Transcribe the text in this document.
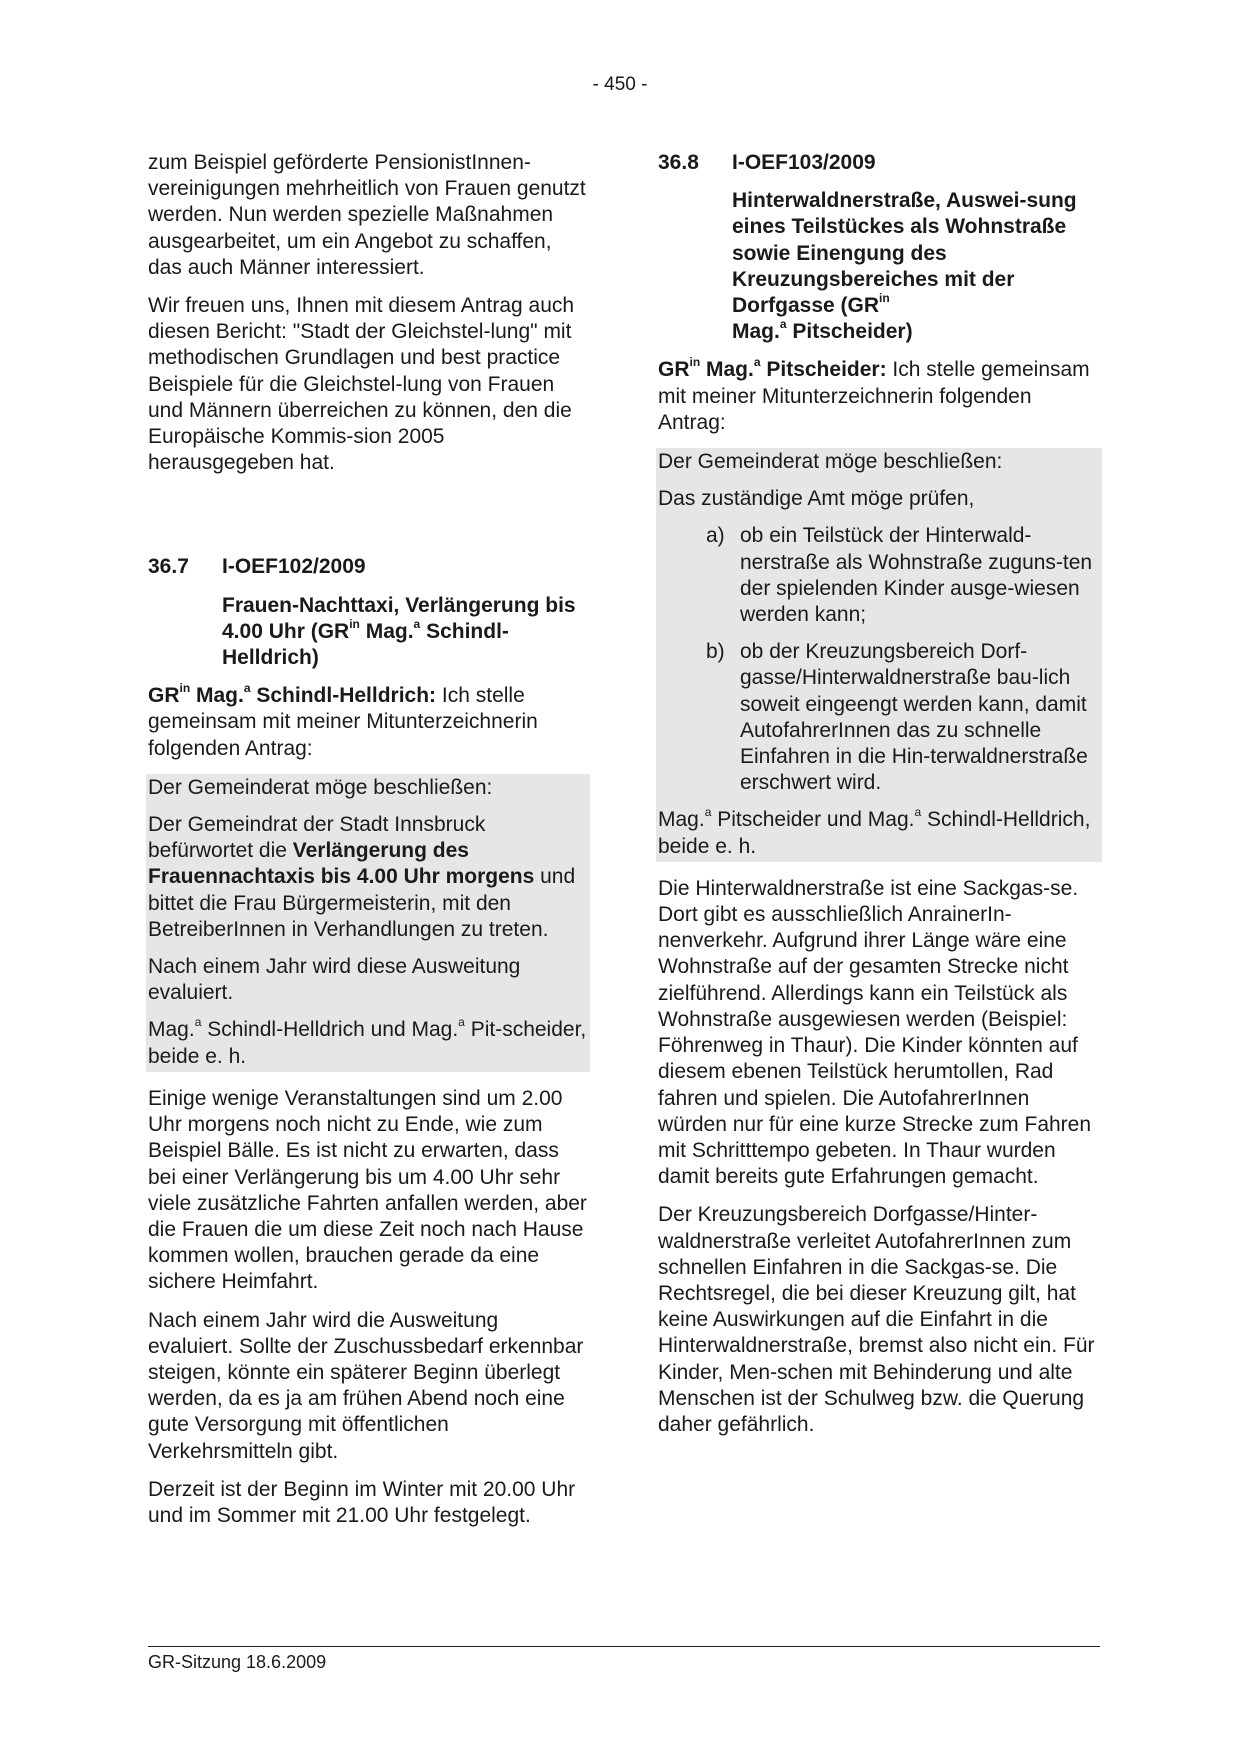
- 450 -

zum Beispiel geförderte PensionistInnen-vereinigungen mehrheitlich von Frauen genutzt werden. Nun werden spezielle Maßnahmen ausgearbeitet, um ein Angebot zu schaffen, das auch Männer interessiert.

Wir freuen uns, Ihnen mit diesem Antrag auch diesen Bericht: "Stadt der Gleichstel-lung" mit methodischen Grundlagen und best practice Beispiele für die Gleichstel-lung von Frauen und Männern überreichen zu können, den die Europäische Kommis-sion 2005 herausgegeben hat.

36.7	I-OEF102/2009
Frauen-Nachttaxi, Verlängerung bis 4.00 Uhr ($GR^{in}$ Mag.$^a$ Schindl-Helldrich)

$GR^{in}$ Mag.$^a$ Schindl-Helldrich: Ich stelle gemeinsam mit meiner Mitunterzeichnerin folgenden Antrag:

Der Gemeinderat möge beschließen:

Der Gemeindrat der Stadt Innsbruck befürwortet die Verlängerung des Frauennachtaxis bis 4.00 Uhr morgens und bittet die Frau Bürgermeisterin, mit den BetreiberInnen in Verhandlungen zu treten.

Nach einem Jahr wird diese Ausweitung evaluiert.

Mag.$^a$ Schindl-Helldrich und Mag.$^a$ Pit-scheider, beide e. h.

Einige wenige Veranstaltungen sind um 2.00 Uhr morgens noch nicht zu Ende, wie zum Beispiel Bälle. Es ist nicht zu erwarten, dass bei einer Verlängerung bis um 4.00 Uhr sehr viele zusätzliche Fahrten anfallen werden, aber die Frauen die um diese Zeit noch nach Hause kommen wollen, brauchen gerade da eine sichere Heimfahrt.

Nach einem Jahr wird die Ausweitung evaluiert. Sollte der Zuschussbedarf erkennbar steigen, könnte ein späterer Beginn überlegt werden, da es ja am frühen Abend noch eine gute Versorgung mit öffentlichen Verkehrsmitteln gibt.

Derzeit ist der Beginn im Winter mit 20.00 Uhr und im Sommer mit 21.00 Uhr festgelegt.

36.8	I-OEF103/2009
Hinterwaldnerstraße, Auswei-sung eines Teilstückes als Wohnstraße sowie Einengung des Kreuzungsbereiches mit der Dorfgasse ($GR^{in}$
Mag.$^a$ Pitscheider)

$GR^{in}$ Mag.$^a$ Pitscheider: Ich stelle gemeinsam mit meiner Mitunterzeichnerin folgenden Antrag:

Der Gemeinderat möge beschließen:

Das zuständige Amt möge prüfen,

a) ob ein Teilstück der Hinterwald-nerstraße als Wohnstraße zuguns-ten der spielenden Kinder ausge-wiesen werden kann;
b) ob der Kreuzungsbereich Dorf-gasse/Hinterwaldnerstraße bau-lich soweit eingeengt werden kann, damit AutofahrerInnen das zu schnelle Einfahren in die Hin-terwaldnerstraße erschwert wird.

Mag.$^a$ Pitscheider und Mag.$^a$ Schindl-Helldrich, beide e. h.

Die Hinterwaldnerstraße ist eine Sackgas-se. Dort gibt es ausschließlich AnrainerIn-nenverkehr. Aufgrund ihrer Länge wäre eine Wohnstraße auf der gesamten Strecke nicht zielführend. Allerdings kann ein Teilstück als Wohnstraße ausgewiesen werden (Beispiel: Föhrenweg in Thaur). Die Kinder könnten auf diesem ebenen Teilstück herumtollen, Rad fahren und spielen. Die AutofahrerInnen würden nur für eine kurze Strecke zum Fahren mit Schritttempo gebeten. In Thaur wurden damit bereits gute Erfahrungen gemacht.

Der Kreuzungsbereich Dorfgasse/Hinter-waldnerstraße verleitet AutofahrerInnen zum schnellen Einfahren in die Sackgas-se. Die Rechtsregel, die bei dieser Kreuzung gilt, hat keine Auswirkungen auf die Einfahrt in die Hinterwaldnerstraße, bremst also nicht ein. Für Kinder, Men-schen mit Behinderung und alte Menschen ist der Schulweg bzw. die Querung daher gefährlich.

GR-Sitzung 18.6.2009
